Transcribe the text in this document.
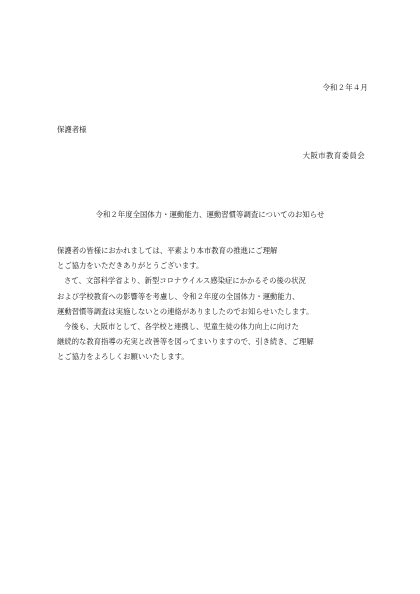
令和２年４月
保護者様
大阪市教育委員会
令和２年度全国体力・運動能力、運動習慣等調査についてのお知らせ

保護者の皆様におかれましては、平素より本市教育の推進にご理解

とご協力をいただきありがとうございます。

さて、文部科学省より、新型コロナウイルス感染症にかかるその後の状況

および学校教育への影響等を考慮し、令和２年度の全国体力・運動能力、

運動習慣等調査は実施しないとの連絡がありましたのでお知らせいたします。

今後も、大阪市として、各学校と連携し、児童生徒の体力向上に向けた

継続的な教育指導の充実と改善等を図ってまいりますので、引き続き、ご理解

とご協力をよろしくお願いいたします。
